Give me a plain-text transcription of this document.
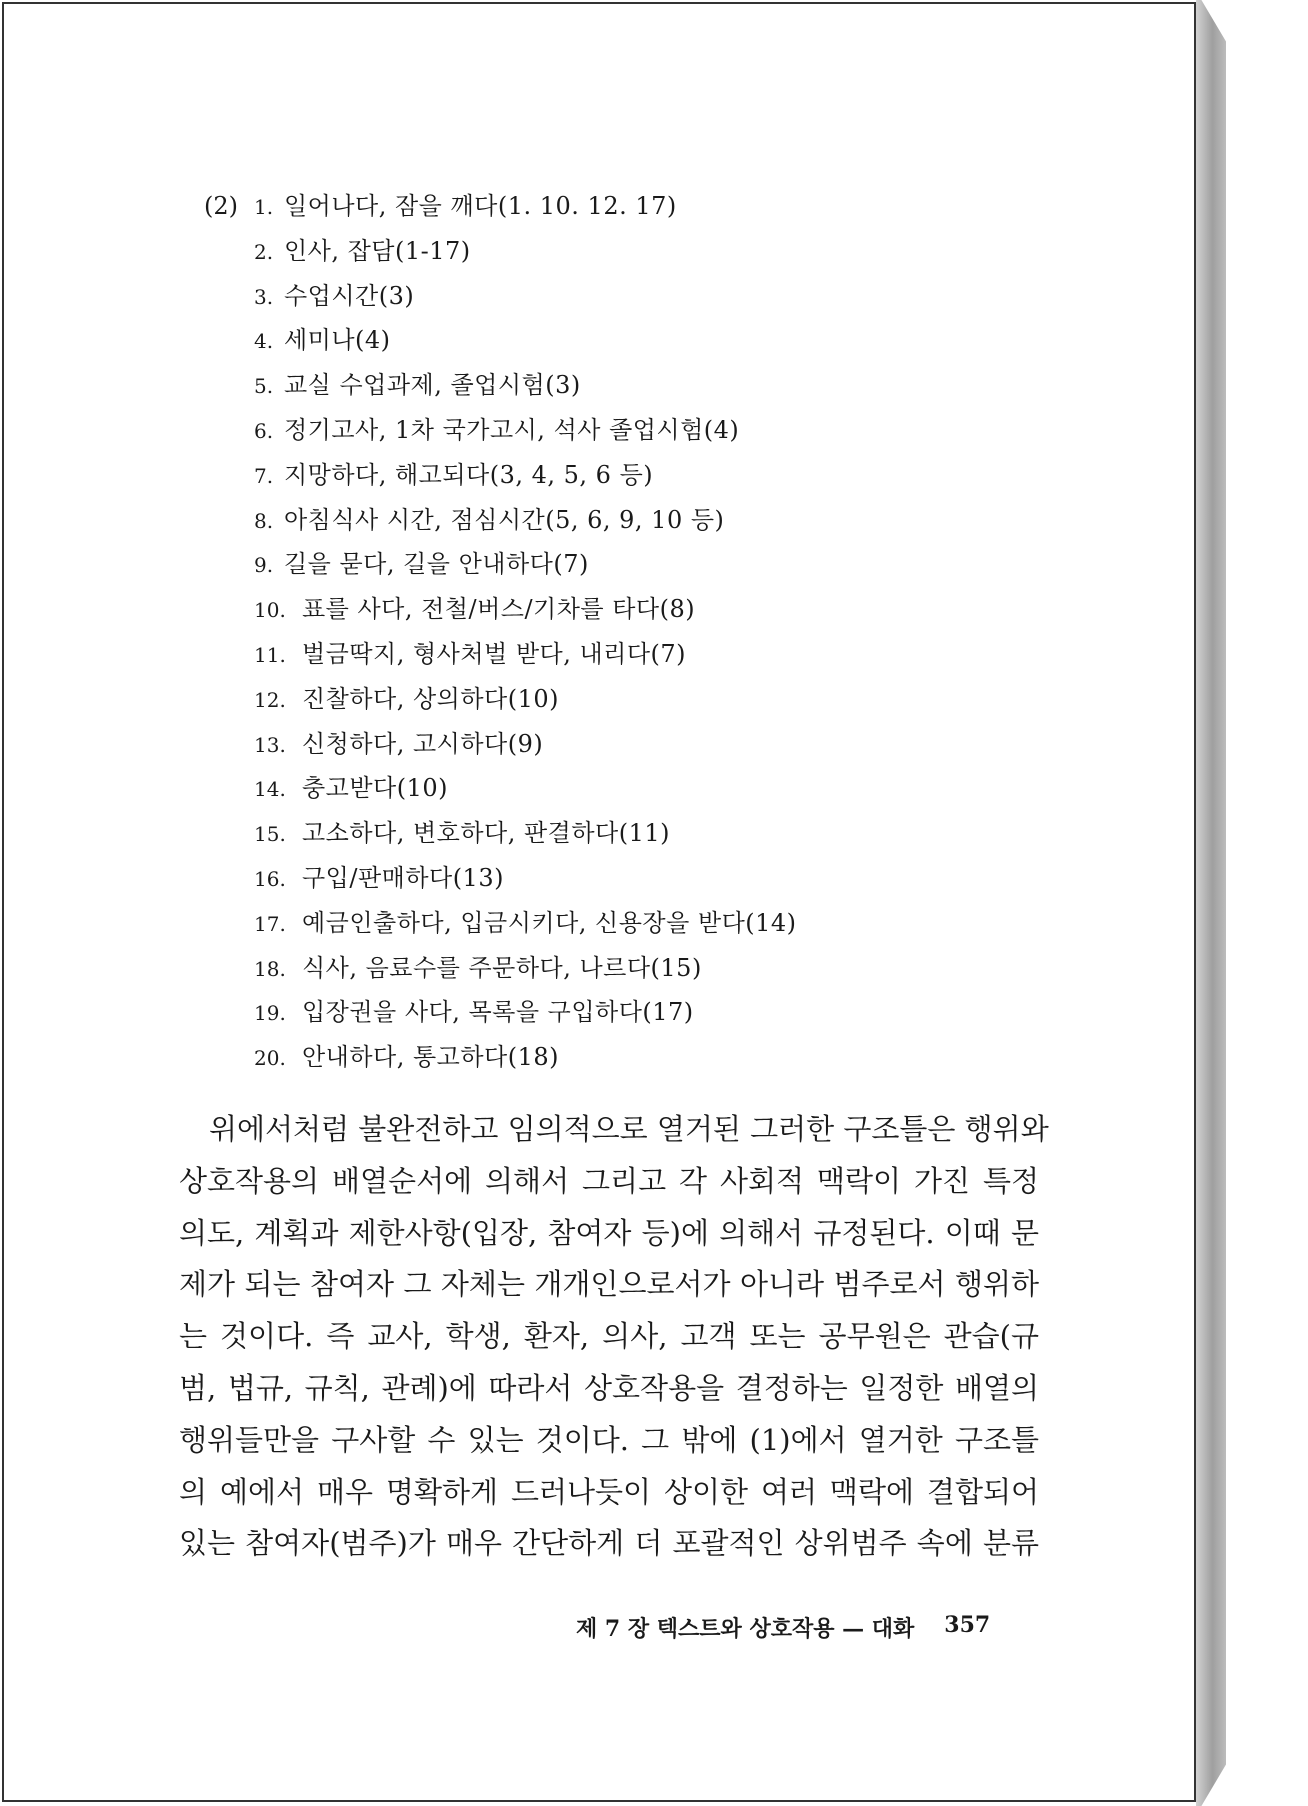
(2) 1. 일어나다, 잠을 깨다(1. 10. 12. 17)
2. 인사, 잡담(1-17)
3. 수업시간(3)
4. 세미나(4)
5. 교실 수업과제, 졸업시험(3)
6. 정기고사, 1차 국가고시, 석사 졸업시험(4)
7. 지망하다, 해고되다(3, 4, 5, 6 등)
8. 아침식사 시간, 점심시간(5, 6, 9, 10 등)
9. 길을 묻다, 길을 안내하다(7)
10. 표를 사다, 전철/버스/기차를 타다(8)
11. 벌금딱지, 형사처벌 받다, 내리다(7)
12. 진찰하다, 상의하다(10)
13. 신청하다, 고시하다(9)
14. 충고받다(10)
15. 고소하다, 변호하다, 판결하다(11)
16. 구입/판매하다(13)
17. 예금인출하다, 입금시키다, 신용장을 받다(14)
18. 식사, 음료수를 주문하다, 나르다(15)
19. 입장권을 사다, 목록을 구입하다(17)
20. 안내하다, 통고하다(18)
위에서처럼 불완전하고 임의적으로 열거된 그러한 구조틀은 행위와
상호작용의 배열순서에 의해서 그리고 각 사회적 맥락이 가진 특정
의도, 계획과 제한사항(입장, 참여자 등)에 의해서 규정된다. 이때 문
제가 되는 참여자 그 자체는 개개인으로서가 아니라 범주로서 행위하
는 것이다. 즉 교사, 학생, 환자, 의사, 고객 또는 공무원은 관습(규
범, 법규, 규칙, 관례)에 따라서 상호작용을 결정하는 일정한 배열의
행위들만을 구사할 수 있는 것이다. 그 밖에 (1)에서 열거한 구조틀
의 예에서 매우 명확하게 드러나듯이 상이한 여러 맥락에 결합되어
있는 참여자(범주)가 매우 간단하게 더 포괄적인 상위범주 속에 분류
제 7 장 텍스트와 상호작용 — 대화 357
